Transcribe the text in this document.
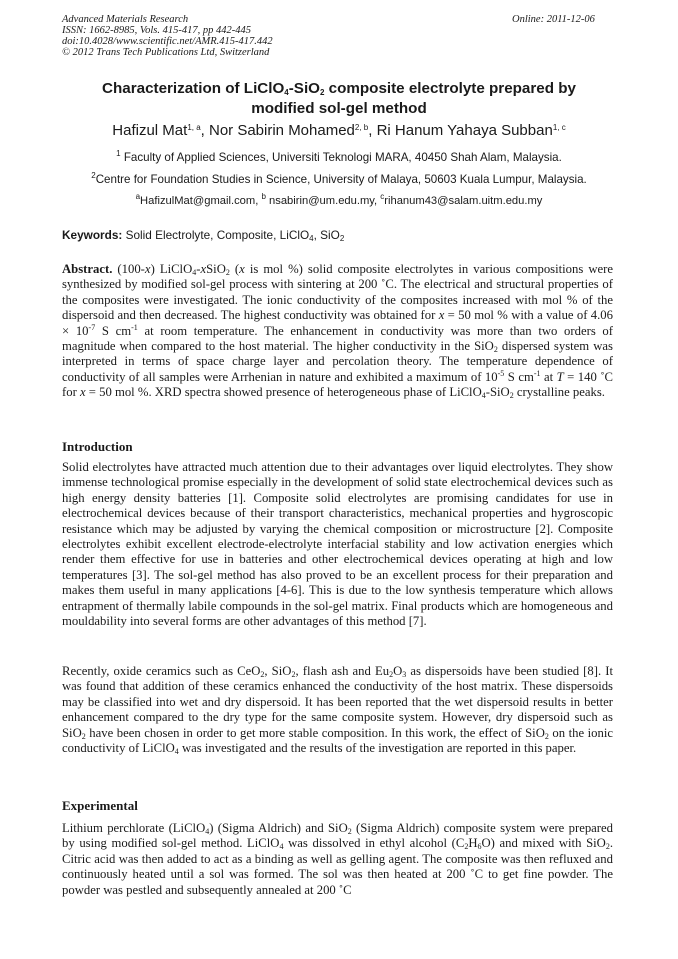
Advanced Materials Research
ISSN: 1662-8985, Vols. 415-417, pp 442-445
doi:10.4028/www.scientific.net/AMR.415-417.442
© 2012 Trans Tech Publications Ltd, Switzerland
Online: 2011-12-06
Characterization of LiClO$_4$-SiO$_2$ composite electrolyte prepared by
modified sol-gel method
Hafizul Mat$^{1, a}$, Nor Sabirin Mohamed$^{2, b}$, Ri Hanum Yahaya Subban$^{1, c}$
$^1$ Faculty of Applied Sciences, Universiti Teknologi MARA, 40450 Shah Alam, Malaysia.
$^2$Centre for Foundation Studies in Science, University of Malaya, 50603 Kuala Lumpur, Malaysia.
$^a$HafizulMat@gmail.com, $^b$ nsabirin@um.edu.my, $^c$rihanum43@salam.uitm.edu.my
Keywords: Solid Electrolyte, Composite, LiClO$_4$, SiO$_2$
Abstract. (100-x) LiClO$_4$-xSiO$_2$ (x is mol %) solid composite electrolytes in various compositions were synthesized by modified sol-gel process with sintering at 200 ˚C. The electrical and structural properties of the composites were investigated. The ionic conductivity of the composites increased with mol % of the dispersoid and then decreased. The highest conductivity was obtained for x = 50 mol % with a value of $4.06 \times 10^{-7}$ S $cm^{-1}$ at room temperature. The enhancement in conductivity was more than two orders of magnitude when compared to the host material. The higher conductivity in the SiO$_2$ dispersed system was interpreted in terms of space charge layer and percolation theory. The temperature dependence of conductivity of all samples were Arrhenian in nature and exhibited a maximum of $10^{-5}$ S $cm^{-1}$ at T = 140 ˚C for x = 50 mol %. XRD spectra showed presence of heterogeneous phase of LiClO$_4$-SiO$_2$ crystalline peaks.
Introduction
Solid electrolytes have attracted much attention due to their advantages over liquid electrolytes. They show immense technological promise especially in the development of solid state electrochemical devices such as high energy density batteries [1]. Composite solid electrolytes are promising candidates for use in electrochemical devices because of their transport characteristics, mechanical properties and hygroscopic resistance which may be adjusted by varying the chemical composition or microstructure [2]. Composite electrolytes exhibit excellent electrode-electrolyte interfacial stability and low activation energies which render them effective for use in batteries and other electrochemical devices operating at high and low temperatures [3]. The sol-gel method has also proved to be an excellent process for their preparation and makes them useful in many applications [4-6]. This is due to the low synthesis temperature which allows entrapment of thermally labile compounds in the sol-gel matrix. Final products which are homogeneous and mouldability into several forms are other advantages of this method [7].
Recently, oxide ceramics such as CeO$_2$, SiO$_2$, flash ash and $Eu_2O_3$ as dispersoids have been studied [8]. It was found that addition of these ceramics enhanced the conductivity of the host matrix. These dispersoids may be classified into wet and dry dispersoid. It has been reported that the wet dispersoid results in better enhancement compared to the dry type for the same composite system. However, dry dispersoid such as SiO$_2$ have been chosen in order to get more stable composition. In this work, the effect of SiO$_2$ on the ionic conductivity of LiClO$_4$ was investigated and the results of the investigation are reported in this paper.
Experimental
Lithium perchlorate (LiClO$_4$) (Sigma Aldrich) and SiO$_2$ (Sigma Aldrich) composite system were prepared by using modified sol-gel method. LiClO$_4$ was dissolved in ethyl alcohol $(C_2H_6O)$ and mixed with SiO$_2$. Citric acid was then added to act as a binding as well as gelling agent. The composite was then refluxed and continuously heated until a sol was formed. The sol was then heated at 200 ˚C to get fine powder. The powder was pestled and subsequently annealed at 200 ˚C
